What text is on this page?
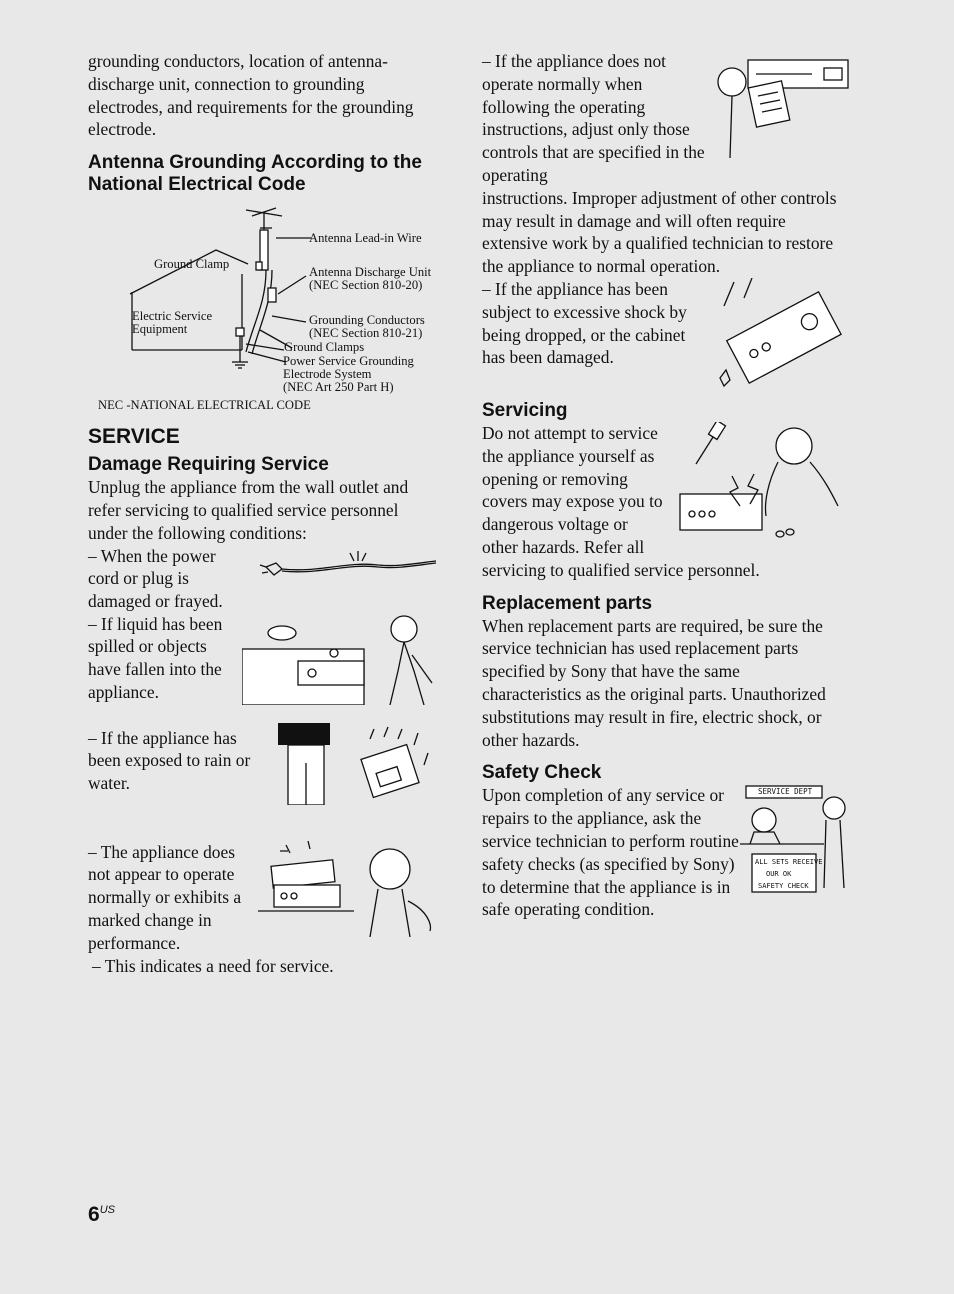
grounding conductors, location of antenna-discharge unit, connection to grounding electrodes, and requirements for the grounding electrode.

Antenna Grounding According to the National Electrical Code
Antenna Lead-in Wire
Ground Clamp
Antenna Discharge Unit
(NEC Section 810-20)
Electric Service
Equipment
Grounding Conductors
(NEC Section 810-21)
Ground Clamps
Power Service Grounding
Electrode System
(NEC Art 250 Part H)
NEC -NATIONAL ELECTRICAL CODE
SERVICE
Damage Requiring Service

Unplug the appliance from the wall outlet and refer servicing to qualified service personnel under the following conditions:

– When the power cord or plug is damaged or frayed.

– If liquid has been spilled or objects have fallen into the appliance.

– If the appliance has been exposed to rain or water.

– The appliance does not appear to operate normally or exhibits a marked change in performance.

– This indicates a need for service.

– If the appliance does not operate normally when following the operating instructions, adjust only those controls that are specified in the operating

instructions. Improper adjustment of other controls may result in damage and will often require extensive work by a qualified technician to restore the appliance to normal operation.

– If the appliance has been subject to excessive shock by being dropped, or the cabinet has been damaged.

Servicing

Do not attempt to service the appliance yourself as opening or removing covers may expose you to dangerous voltage or

other hazards. Refer all servicing to qualified service personnel.

Replacement parts

When replacement parts are required, be sure the service technician has used replacement parts specified by Sony that have the same characteristics as the original parts. Unauthorized substitutions may result in fire, electric shock, or other hazards.

Safety Check
SERVICE DEPT
ALL SETS RECEIVE
OUR OK
SAFETY CHECK

Upon completion of any service or repairs to the appliance, ask the service technician to perform routine safety checks (as specified by Sony) to determine that the appliance is in safe operating condition.

$6^{US}$
